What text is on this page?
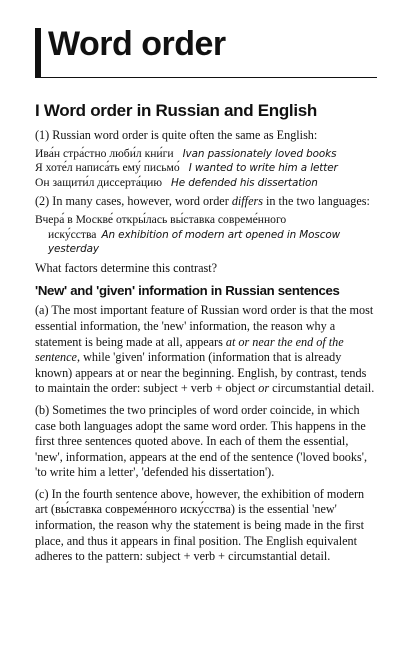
Word order
I Word order in Russian and English

(1) Russian word order is quite often the same as English:

Ива́н стра́стно люби́л кни́ги Ivan passionately loved books
Я хоте́л написа́ть ему́ письмо́ I wanted to write him a letter
Он защити́л диссерта́цию He defended his dissertation

(2) In many cases, however, word order differs in the two languages:

Вчера́ в Москве́ откры́лась вы́ставка совреме́нного
иску́сства An exhibition of modern art opened in Moscow
yesterday

What factors determine this contrast?

'New' and 'given' information in Russian sentences

(a) The most important feature of Russian word order is that the most essential information, the 'new' information, the reason why a statement is being made at all, appears at or near the end of the sentence, while 'given' information (information that is already known) appears at or near the beginning. English, by contrast, tends to maintain the order: subject + verb + object or circumstantial detail.

(b) Sometimes the two principles of word order coincide, in which case both languages adopt the same word order. This happens in the first three sentences quoted above. In each of them the essential, 'new', information, appears at the end of the sentence ('loved books', 'to write him a letter', 'defended his dissertation').

(c) In the fourth sentence above, however, the exhibition of modern art (вы́ставка совреме́нного иску́сства) is the essential 'new' information, the reason why the statement is being made in the first place, and thus it appears in final position. The English equivalent adheres to the pattern: subject + verb + circumstantial detail.
